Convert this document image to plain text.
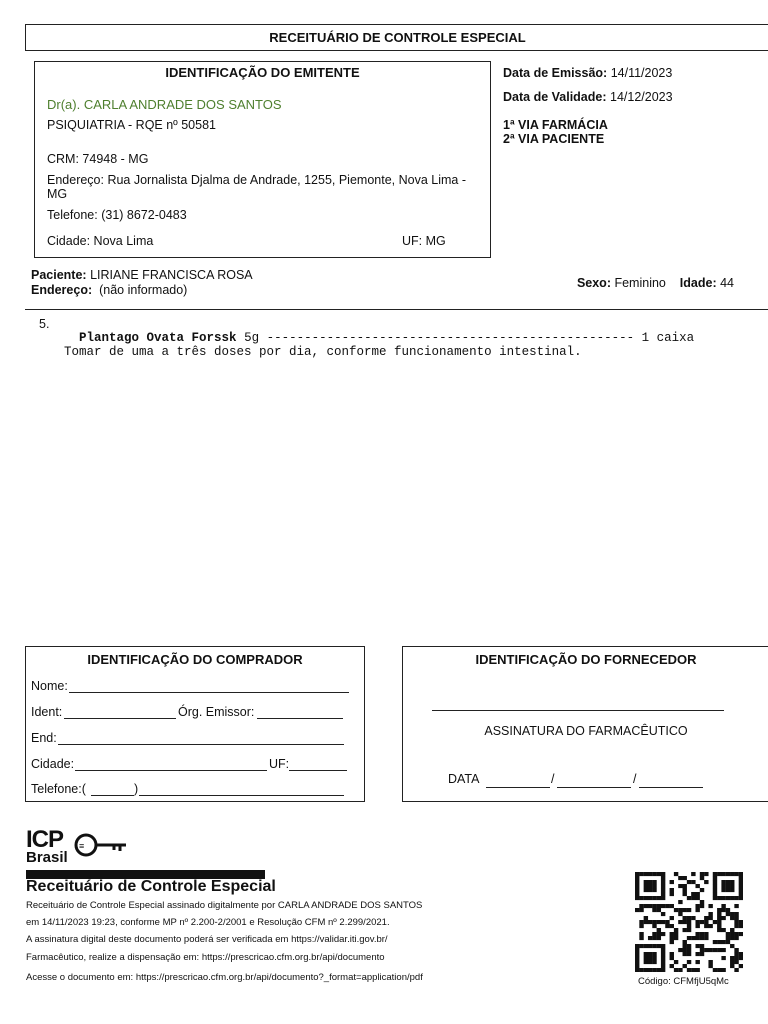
RECEITUÁRIO DE CONTROLE ESPECIAL
IDENTIFICAÇÃO DO EMITENTE
Dr(a). CARLA ANDRADE DOS SANTOS
PSIQUIATRIA - RQE nº 50581
CRM: 74948 - MG
Endereço: Rua Jornalista Djalma de Andrade, 1255, Piemonte, Nova Lima -
MG
Telefone: (31) 8672-0483
Cidade: Nova Lima	UF: MG
Data de Emissão: 14/11/2023
Data de Validade: 14/12/2023
1ª VIA FARMÁCIA
2ª VIA PACIENTE
Paciente: LIRIANE FRANCISCA ROSA
Endereço: (não informado)	Sexo: Feminino Idade: 44
5.

Plantago Ovata Forssk 5g ------------------------------------------------- 1 caixa

Tomar de uma a três doses por dia, conforme funcionamento intestinal.
IDENTIFICAÇÃO DO COMPRADOR
Nome:
Ident:	Órg. Emissor:
End:
Cidade:	UF:
Telefone:(	)
IDENTIFICAÇÃO DO FORNECEDOR
ASSINATURA DO FARMACÊUTICO
DATA	/	/
ICP
Brasil
≡
Receituário de Controle Especial
Receituário de Controle Especial assinado digitalmente por CARLA ANDRADE DOS SANTOS
em 14/11/2023 19:23, conforme MP nº 2.200-2/2001 e Resolução CFM nº 2.299/2021.
A assinatura digital deste documento poderá ser verificada em https://validar.iti.gov.br/
Farmacêutico, realize a dispensação em: https://prescricao.cfm.org.br/api/documento
Acesse o documento em: https://prescricao.cfm.org.br/api/documento?_format=application/pdf	Código: CFMfjU5qMc
